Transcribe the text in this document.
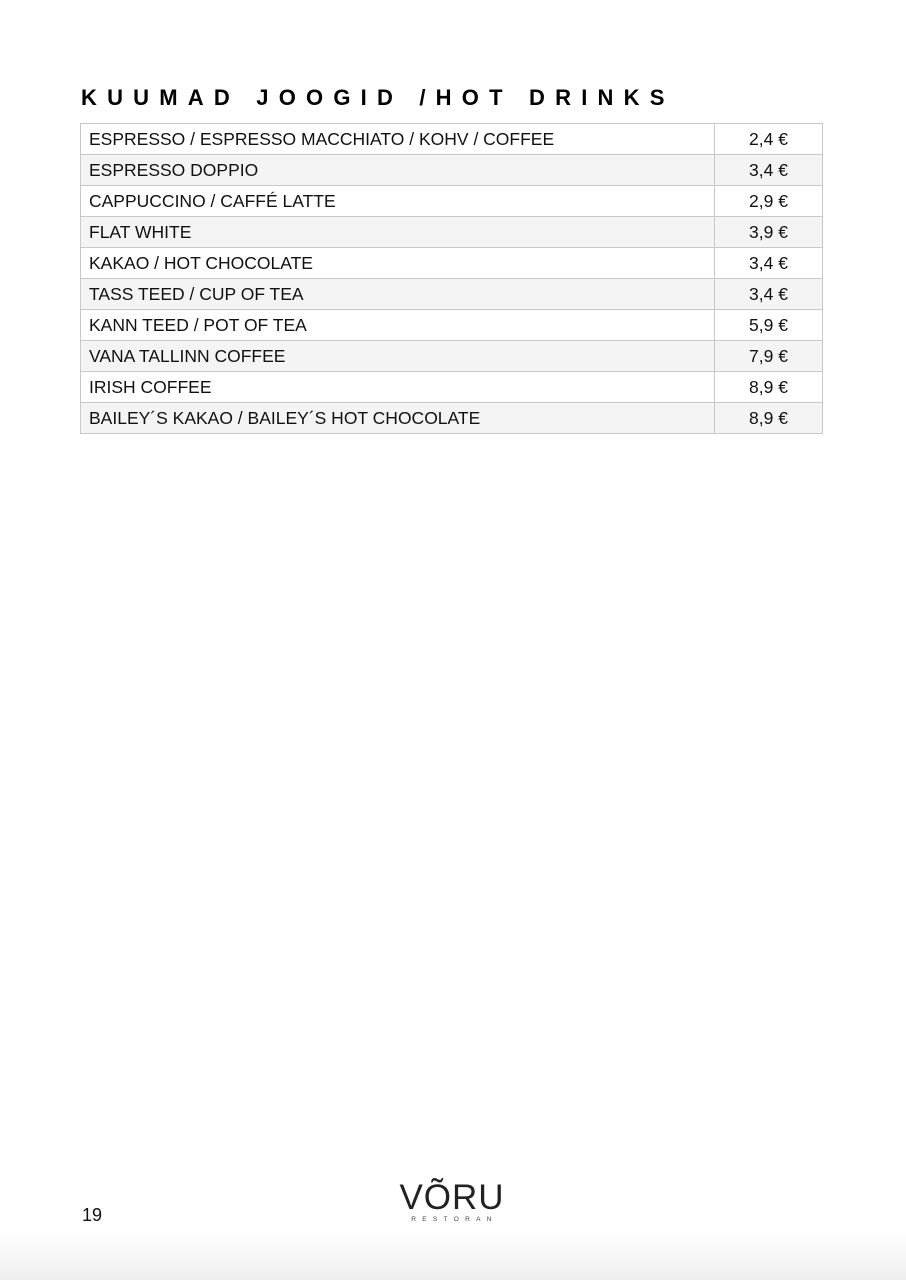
KUUMAD JOOGID /HOT DRINKS
ESPRESSO / ESPRESSO MACCHIATO / KOHV / COFFEE	2,4 €
ESPRESSO DOPPIO	3,4 €
CAPPUCCINO / CAFFÉ LATTE	2,9 €
FLAT WHITE	3,9 €
KAKAO / HOT CHOCOLATE	3,4 €
TASS TEED / CUP OF TEA	3,4 €
KANN TEED / POT OF TEA	5,9 €
VANA TALLINN COFFEE	7,9 €
IRISH COFFEE	8,9 €
BAILEY´S KAKAO / BAILEY´S HOT CHOCOLATE	8,9 €
19	VÕRU
RESTORAN
